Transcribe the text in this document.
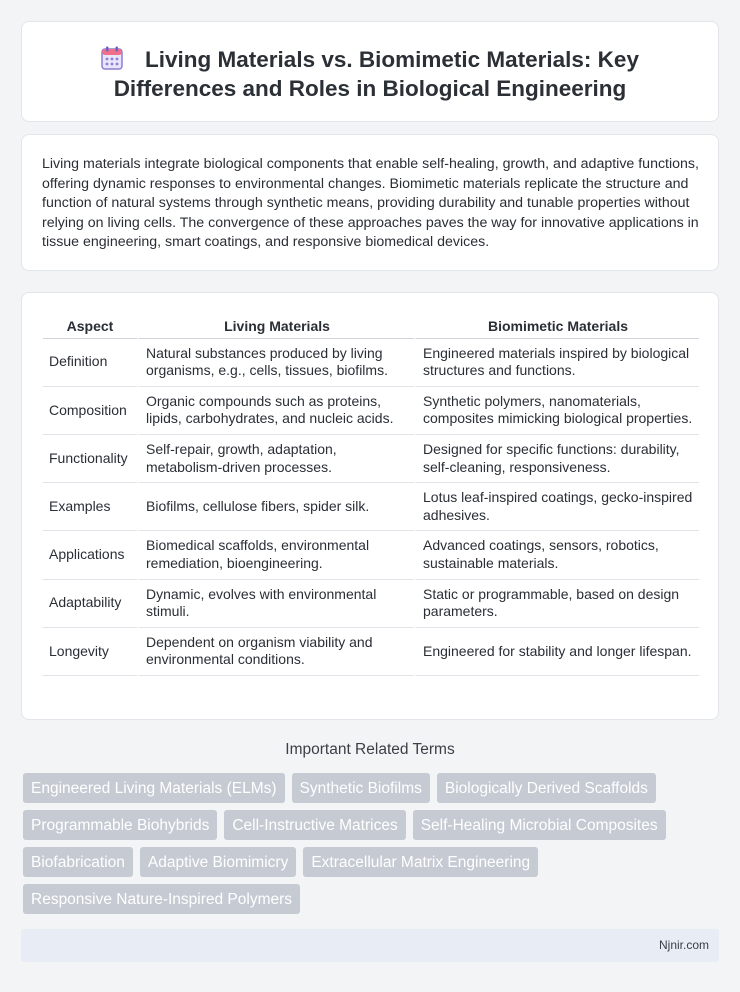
Living Materials vs. Biomimetic Materials: Key Differences and Roles in Biological Engineering

Living materials integrate biological components that enable self-healing, growth, and adaptive functions, offering dynamic responses to environmental changes. Biomimetic materials replicate the structure and function of natural systems through synthetic means, providing durability and tunable properties without relying on living cells. The convergence of these approaches paves the way for innovative applications in tissue engineering, smart coatings, and responsive biomedical devices.

Aspect	Living Materials	Biomimetic Materials
Definition	Natural substances produced by living organisms, e.g., cells, tissues, biofilms.	Engineered materials inspired by biological structures and functions.
Composition	Organic compounds such as proteins, lipids, carbohydrates, and nucleic acids.	Synthetic polymers, nanomaterials, composites mimicking biological properties.
Functionality	Self-repair, growth, adaptation, metabolism-driven processes.	Designed for specific functions: durability, self-cleaning, responsiveness.
Examples	Biofilms, cellulose fibers, spider silk.	Lotus leaf-inspired coatings, gecko-inspired adhesives.
Applications	Biomedical scaffolds, environmental remediation, bioengineering.	Advanced coatings, sensors, robotics, sustainable materials.
Adaptability	Dynamic, evolves with environmental stimuli.	Static or programmable, based on design parameters.
Longevity	Dependent on organism viability and environmental conditions.	Engineered for stability and longer lifespan.
Important Related Terms
Engineered Living Materials (ELMs)	Synthetic Biofilms	Biologically Derived Scaffolds
Programmable Biohybrids	Cell-Instructive Matrices	Self-Healing Microbial Composites
Biofabrication	Adaptive Biomimicry	Extracellular Matrix Engineering
Responsive Nature-Inspired Polymers
Njnir.com
